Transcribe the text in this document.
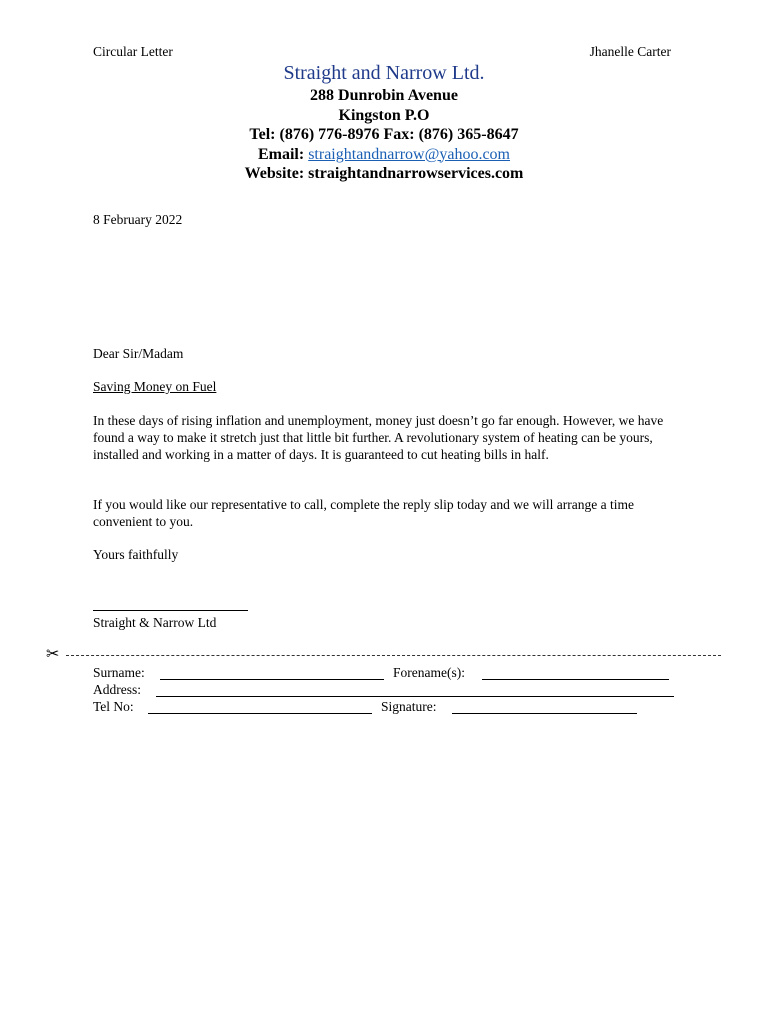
Circular Letter	Jhanelle Carter
Straight and Narrow Ltd.
288 Dunrobin Avenue
Kingston P.O
Tel: (876) 776-8976 Fax: (876) 365-8647
Email: straightandnarrow@yahoo.com
Website: straightandnarrowservices.com
8 February 2022
Dear Sir/Madam
Saving Money on Fuel
In these days of rising inflation and unemployment, money just doesn’t go far enough. However, we have found a way to make it stretch just that little bit further. A revolutionary system of heating can be yours, installed and working in a matter of days. It is guaranteed to cut heating bills in half.
If you would like our representative to call, complete the reply slip today and we will arrange a time convenient to you.
Yours faithfully
Straight & Narrow Ltd
✂
Surname:	Forename(s):
Address:
Tel No:	Signature:
